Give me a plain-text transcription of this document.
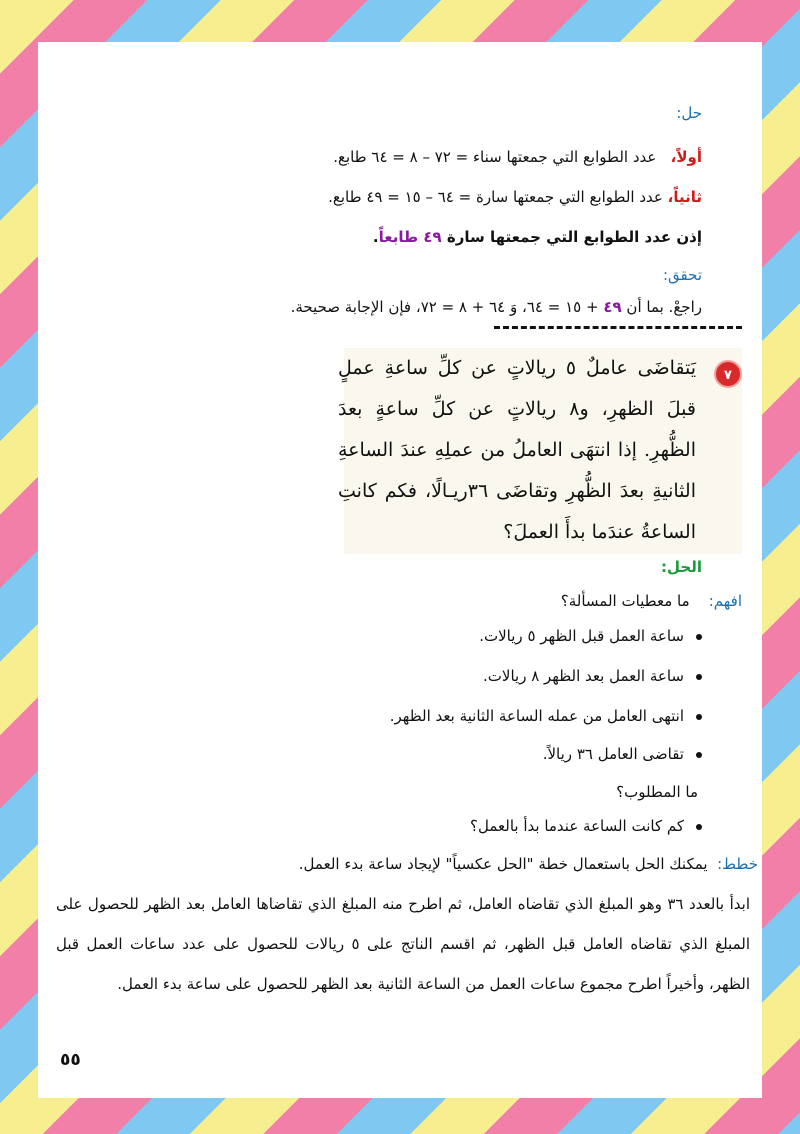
حل:
أولاً،   عدد الطوابع التي جمعتها سناء = ٧٢ – ٨ = ٦٤ طابع.
ثانياً، عدد الطوابع التي جمعتها سارة = ٦٤ – ١٥ = ٤٩ طابع.
إذن عدد الطوابع التي جمعتها سارة ٤٩ طابعاً.
تحقق:
راجعْ. بما أن ٤٩ + ١٥ = ٦٤، وَ ٦٤ + ٨ = ٧٢، فإن الإجابة صحيحة.
٧
يَتقاضَى عاملٌ ٥ ريالاتٍ عن كلِّ ساعةِ عملٍ قبلَ الظهرِ، و٨ ريالاتٍ عن كلِّ ساعةٍ بعدَ الظُّهرِ. إذا انتهَى العاملُ من عملِهِ عندَ الساعةِ الثانيةِ بعدَ الظُّهرِ وتقاضَى ٣٦ريـالًا، فكم كانتِ الساعةُ عندَما بدأَ العملَ؟
الحل:
افهم:    ما معطيات المسألة؟
ساعة العمل قبل الظهر ٥ ريالات.
ساعة العمل بعد الظهر ٨ ريالات.
انتهى العامل من عمله الساعة الثانية بعد الظهر.
تقاضى العامل ٣٦ ريالاً.
ما المطلوب؟
كم كانت الساعة عندما بدأ بالعمل؟
خطط:  يمكنك الحل باستعمال خطة "الحل عكسياً" لإيجاد ساعة بدء العمل.
ابدأ بالعدد ٣٦ وهو المبلغ الذي تقاضاه العامل، ثم اطرح منه المبلغ الذي تقاضاها العامل بعد الظهر للحصول على المبلغ الذي تقاضاه العامل قبل الظهر، ثم اقسم الناتج على ٥ ريالات للحصول على عدد ساعات العمل قبل الظهر، وأخيراً اطرح مجموع ساعات العمل من الساعة الثانية بعد الظهر للحصول على ساعة بدء العمل.
٥٥
